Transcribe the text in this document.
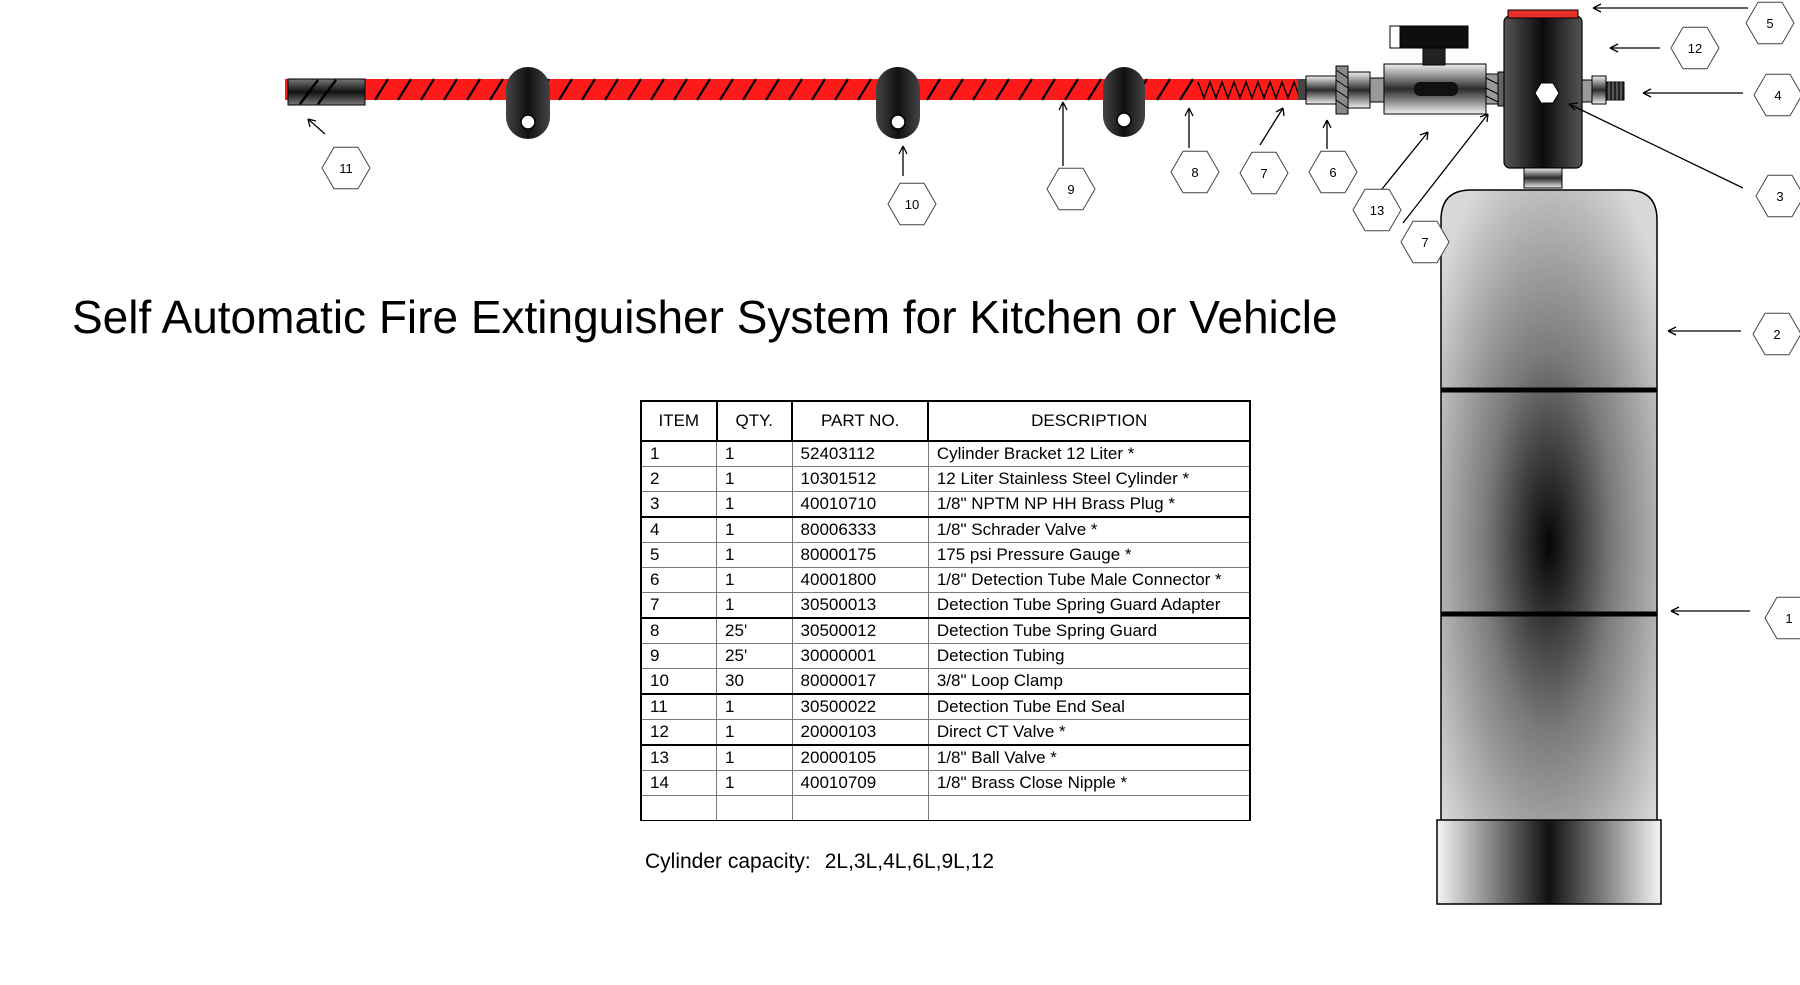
11
10
9
8	7	6
13
7
5
12
4
3
2
1
Self Automatic Fire Extinguisher System for Kitchen or Vehicle
ITEM	QTY.	PART NO.	DESCRIPTION
1	1	52403112	Cylinder Bracket 12 Liter *
2	1	10301512	12 Liter Stainless Steel Cylinder *
3	1	40010710	1/8" NPTM NP HH Brass Plug *
4	1	80006333	1/8" Schrader Valve *
5	1	80000175	175 psi Pressure Gauge *
6	1	40001800	1/8" Detection Tube Male Connector *
7	1	30500013	Detection Tube Spring Guard Adapter
8	25'	30500012	Detection Tube Spring Guard
9	25'	30000001	Detection Tubing
10	30	80000017	3/8" Loop Clamp
11	1	30500022	Detection Tube End Seal
12	1	20000103	Direct CT Valve *
13	1	20000105	1/8" Ball Valve *
14	1	40010709	1/8" Brass Close Nipple *

Cylinder capacity: 2L,3L,4L,6L,9L,12
